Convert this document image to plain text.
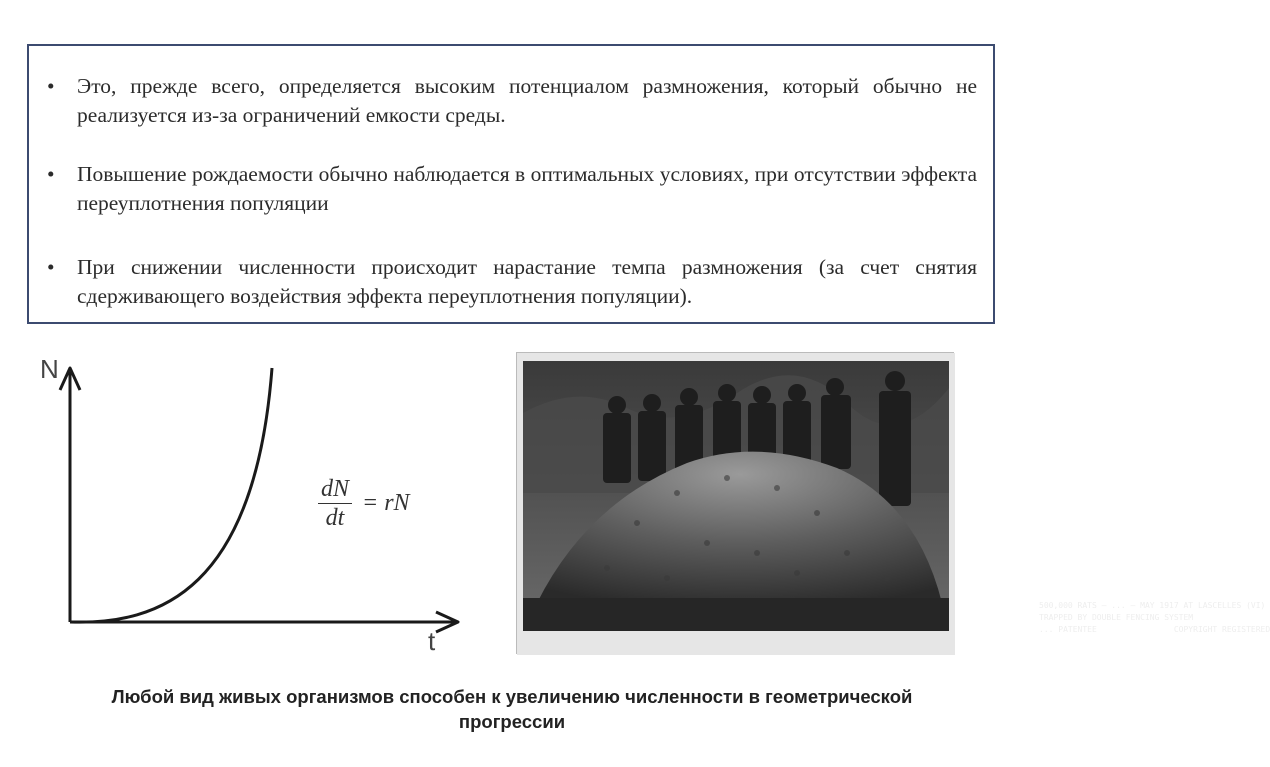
•	Это, прежде всего, определяется высоким потенциалом размножения, который обычно не реализуется из-за ограничений емкости среды.
•	Повышение рождаемости обычно наблюдается в оптимальных условиях, при отсутствии эффекта переуплотнения популяции
•	При снижении численности происходит нарастание темпа размножения (за счет снятия сдерживающего воздействия эффекта переуплотнения популяции).
N
t
$\frac{dN}{dt}$ = rN
500,000 RATS — ... — MAY 1917 AT LASCELLES (VI)
TRAPPED BY DOUBLE FENCING SYSTEM
... PATENTEE                COPYRIGHT REGISTERED
Любой вид живых организмов способен к увеличению численности в геометрической прогрессии
